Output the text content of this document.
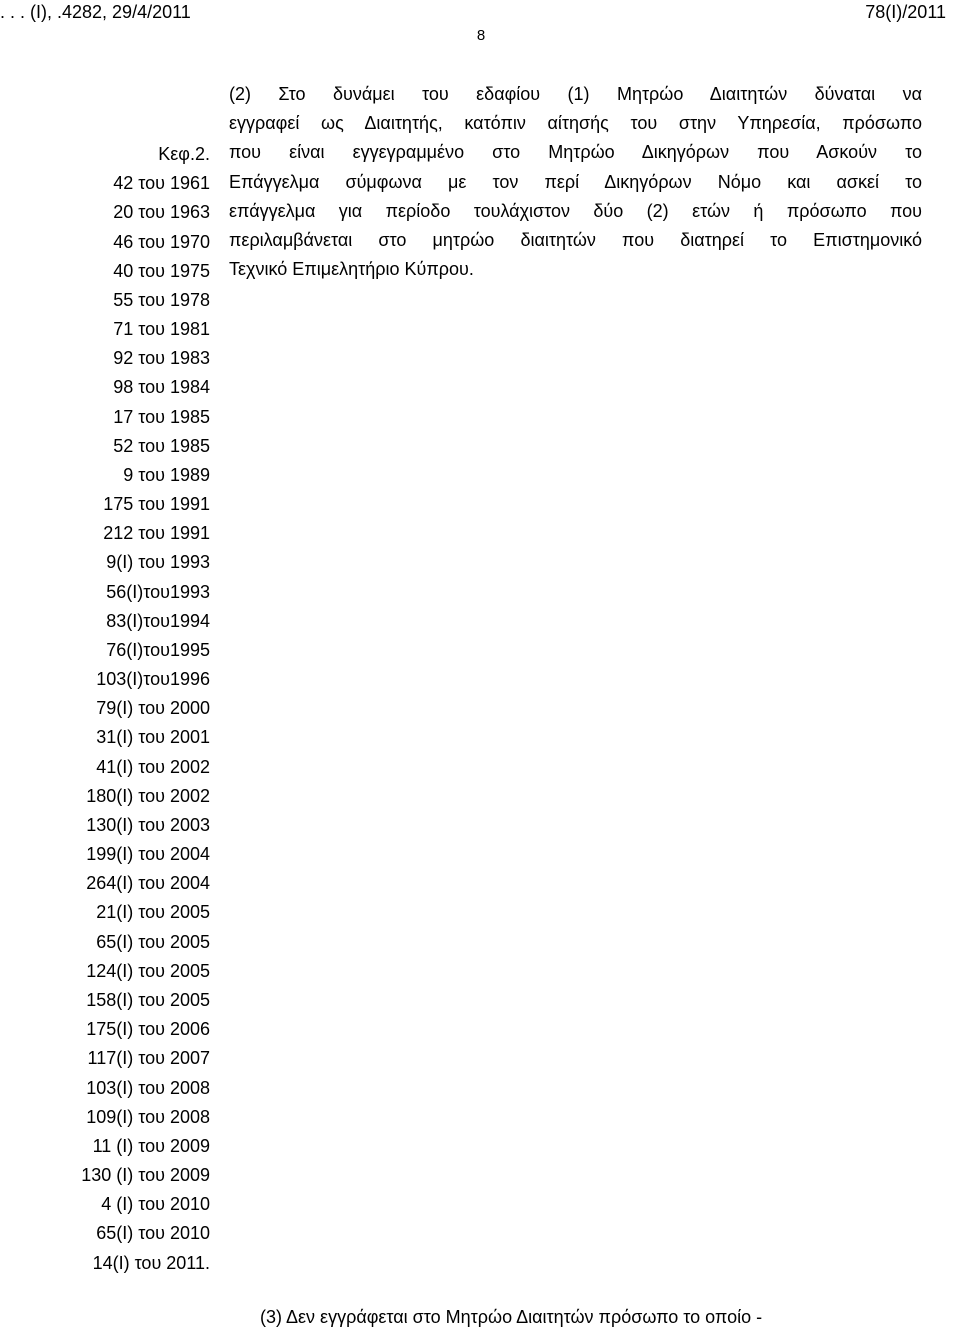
. . . (Ι), .4282, 29/4/2011	78(Ι)/2011
8
Κεφ.2.
42 του 1961
20 του 1963
46 του 1970
40 του 1975
55 του 1978
71 του 1981
92 του 1983
98 του 1984
17 του 1985
52 του 1985
9 του 1989
175 του 1991
212 του 1991
9(Ι) του 1993
56(Ι)του1993
83(Ι)του1994
76(Ι)του1995
103(Ι)του1996
79(Ι) του 2000
31(Ι) του 2001
41(Ι) του 2002
180(Ι) του 2002
130(Ι) του 2003
199(Ι) του 2004
264(Ι) του 2004
21(Ι) του 2005
65(Ι) του 2005
124(Ι) του 2005
158(Ι) του 2005
175(Ι) του 2006
117(Ι) του 2007
103(Ι) του 2008
109(Ι) του 2008
11 (Ι) του 2009
130 (Ι) του 2009
4 (Ι) του 2010
65(Ι) του 2010
14(Ι) του 2011.
(2) Στο δυνάμει του εδαφίου (1) Μητρώο Διαιτητών δύναται να
εγγραφεί ως Διαιτητής, κατόπιν αίτησής του στην Υπηρεσία, πρόσωπο
που είναι εγγεγραμμένο στο Μητρώο Δικηγόρων που Ασκούν το
Επάγγελμα σύμφωνα με τον περί Δικηγόρων Νόμο και ασκεί το
επάγγελμα για περίοδο τουλάχιστον δύο (2) ετών ή πρόσωπο που
περιλαμβάνεται στο μητρώο διαιτητών που διατηρεί το Επιστημονικό
Τεχνικό Επιμελητήριο Κύπρου.
(3) Δεν εγγράφεται στο Μητρώο Διαιτητών πρόσωπο το οποίο -
